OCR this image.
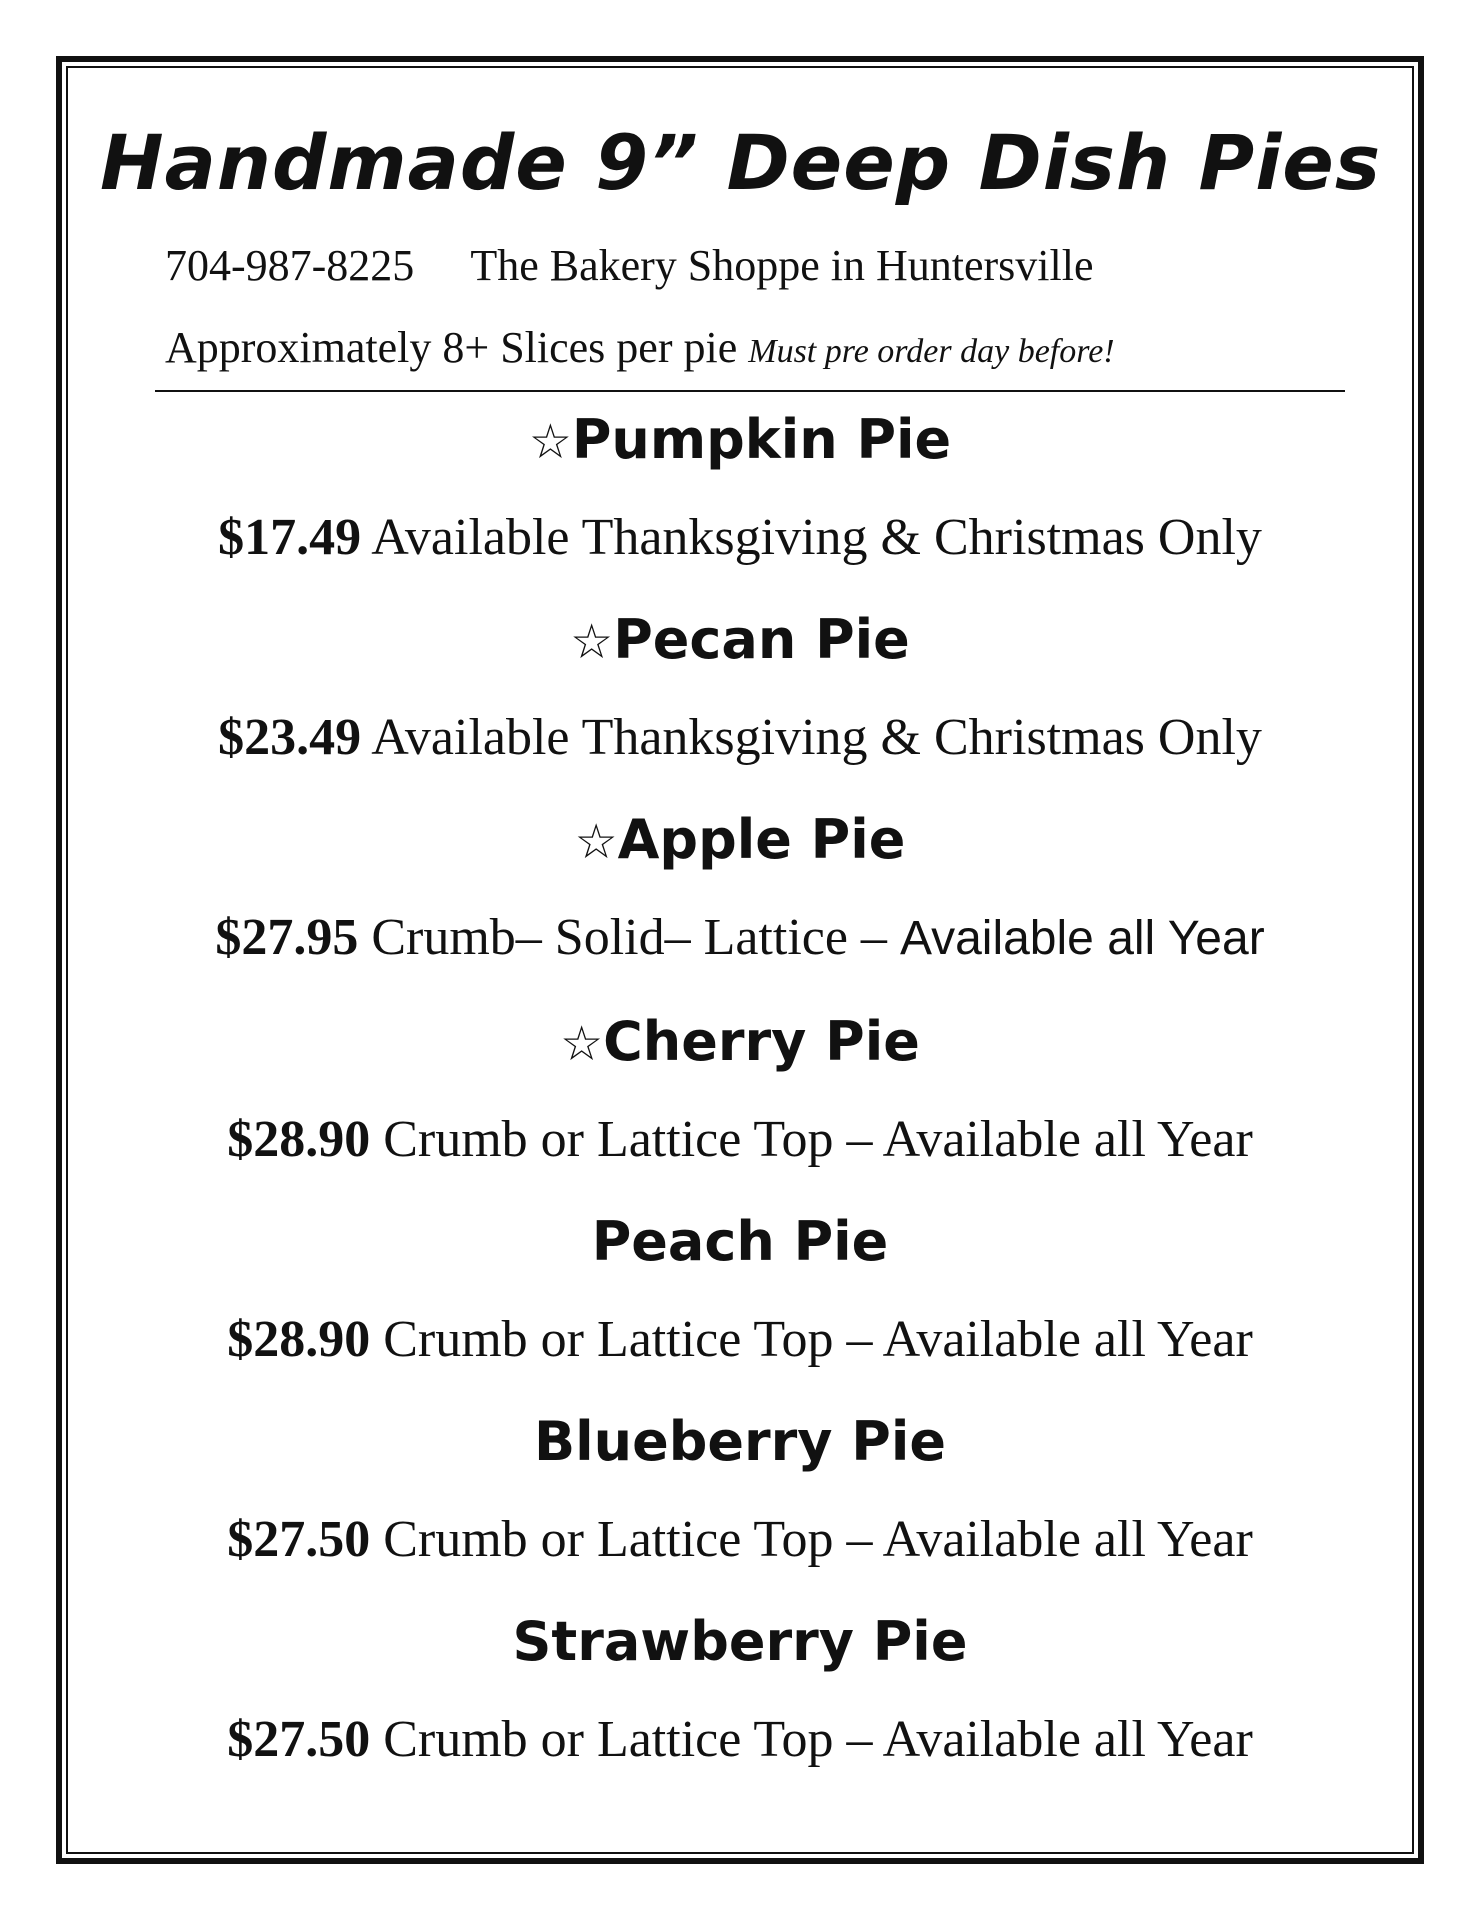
Handmade 9” Deep Dish Pies
704-987-8225 The Bakery Shoppe in Huntersville
Approximately 8+ Slices per pie Must pre order day before!
☆Pumpkin Pie
$17.49 Available Thanksgiving & Christmas Only
☆Pecan Pie
$23.49 Available Thanksgiving & Christmas Only
☆Apple Pie
$27.95 Crumb– Solid– Lattice – Available all Year
☆Cherry Pie
$28.90 Crumb or Lattice Top – Available all Year
Peach Pie
$28.90 Crumb or Lattice Top – Available all Year
Blueberry Pie
$27.50 Crumb or Lattice Top – Available all Year
Strawberry Pie
$27.50 Crumb or Lattice Top – Available all Year
